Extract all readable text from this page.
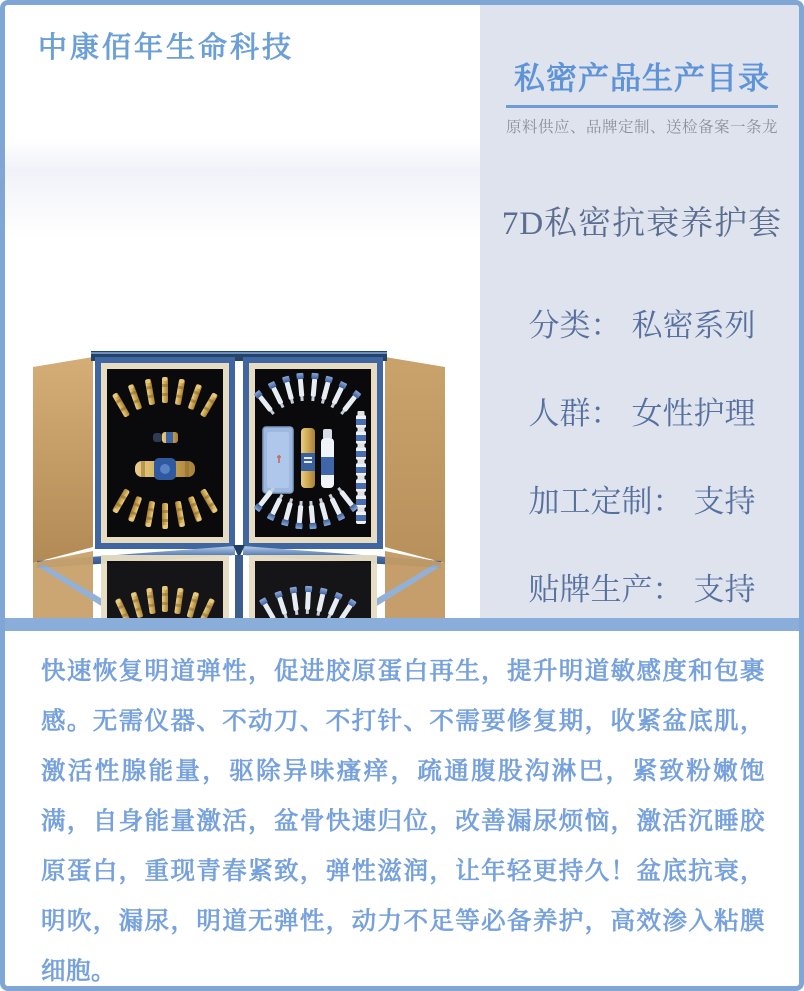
中康佰年生命科技
私密产品生产目录
原料供应、品牌定制、送检备案一条龙
7D私密抗衰养护套
分类： 私密系列
人群： 女性护理
加工定制： 支持
贴牌生产： 支持

快速恢复明道弹性，促进胶原蛋白再生，提升明道敏感度和包裹感。无需仪器、不动刀、不打针、不需要修复期，收紧盆底肌，激活性腺能量，驱除异味瘙痒，疏通腹股沟淋巴，紧致粉嫩饱满，自身能量激活，盆骨快速归位，改善漏尿烦恼，激活沉睡胶原蛋白，重现青春紧致，弹性滋润，让年轻更持久！盆底抗衰，明吹，漏尿，明道无弹性，动力不足等必备养护，高效渗入粘膜细胞。
